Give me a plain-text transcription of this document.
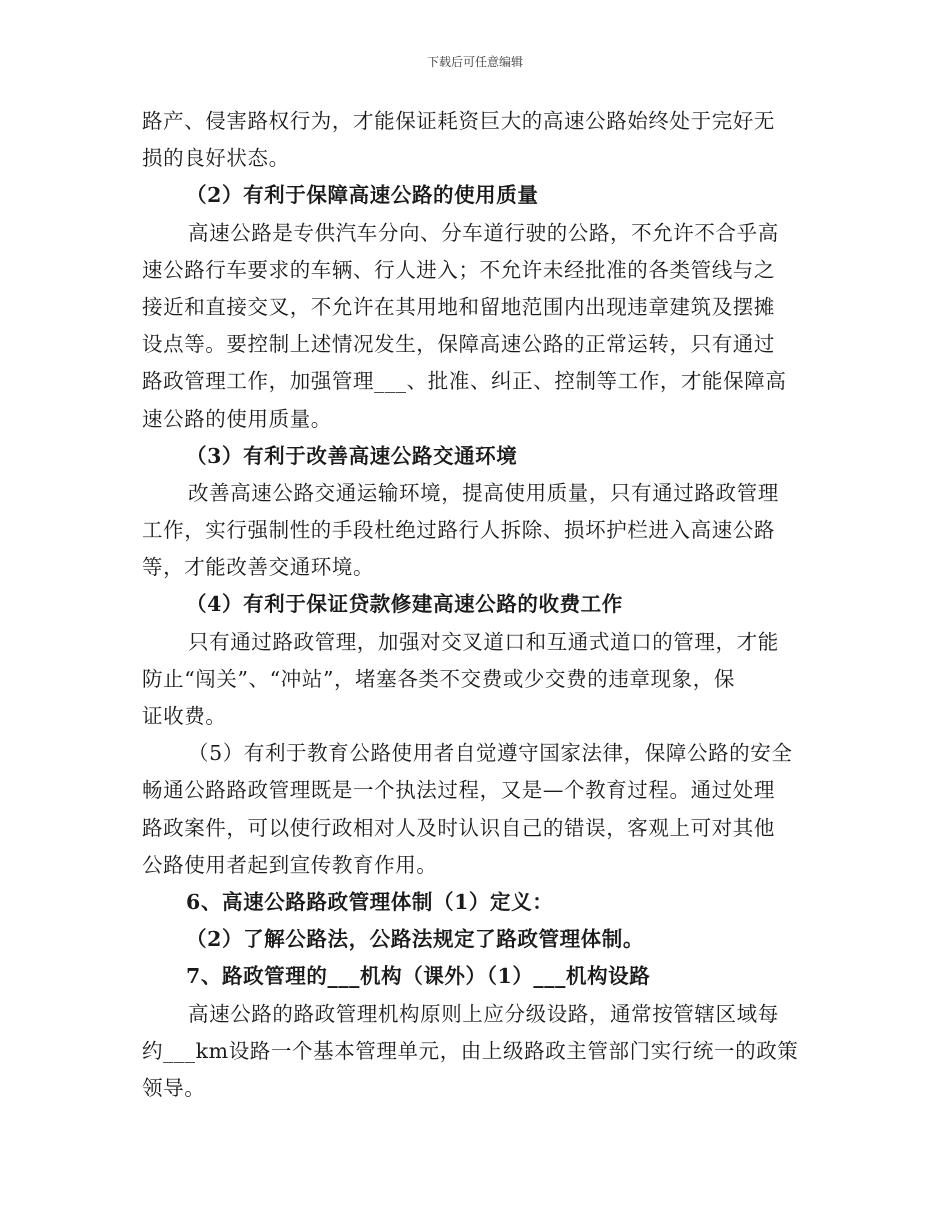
下载后可任意编辑
路产、侵害路权行为，才能保证耗资巨大的高速公路始终处于完好无
损的良好状态。
（2）有利于保障高速公路的使用质量
高速公路是专供汽车分向、分车道行驶的公路，不允许不合乎高
速公路行车要求的车辆、行人进入；不允许未经批准的各类管线与之
接近和直接交叉，不允许在其用地和留地范围内出现违章建筑及摆摊
设点等。要控制上述情况发生，保障高速公路的正常运转，只有通过
路政管理工作，加强管理___、批准、纠正、控制等工作，才能保障高
速公路的使用质量。
（3）有利于改善高速公路交通环境
改善高速公路交通运输环境，提高使用质量，只有通过路政管理
工作，实行强制性的手段杜绝过路行人拆除、损坏护栏进入高速公路
等，才能改善交通环境。
（4）有利于保证贷款修建高速公路的收费工作
只有通过路政管理，加强对交叉道口和互通式道口的管理，才能
防止“闯关”、“冲站”，堵塞各类不交费或少交费的违章现象，保
证收费。
（5）有利于教育公路使用者自觉遵守国家法律，保障公路的安全
畅通公路路政管理既是一个执法过程，又是—个教育过程。通过处理
路政案件，可以使行政相对人及时认识自己的错误，客观上可对其他
公路使用者起到宣传教育作用。
6、高速公路路政管理体制（1）定义：
（2）了解公路法，公路法规定了路政管理体制。
7、路政管理的___机构（课外）（1）___机构设路
高速公路的路政管理机构原则上应分级设路，通常按管辖区域每
约___km设路一个基本管理单元，由上级路政主管部门实行统一的政策
领导。
